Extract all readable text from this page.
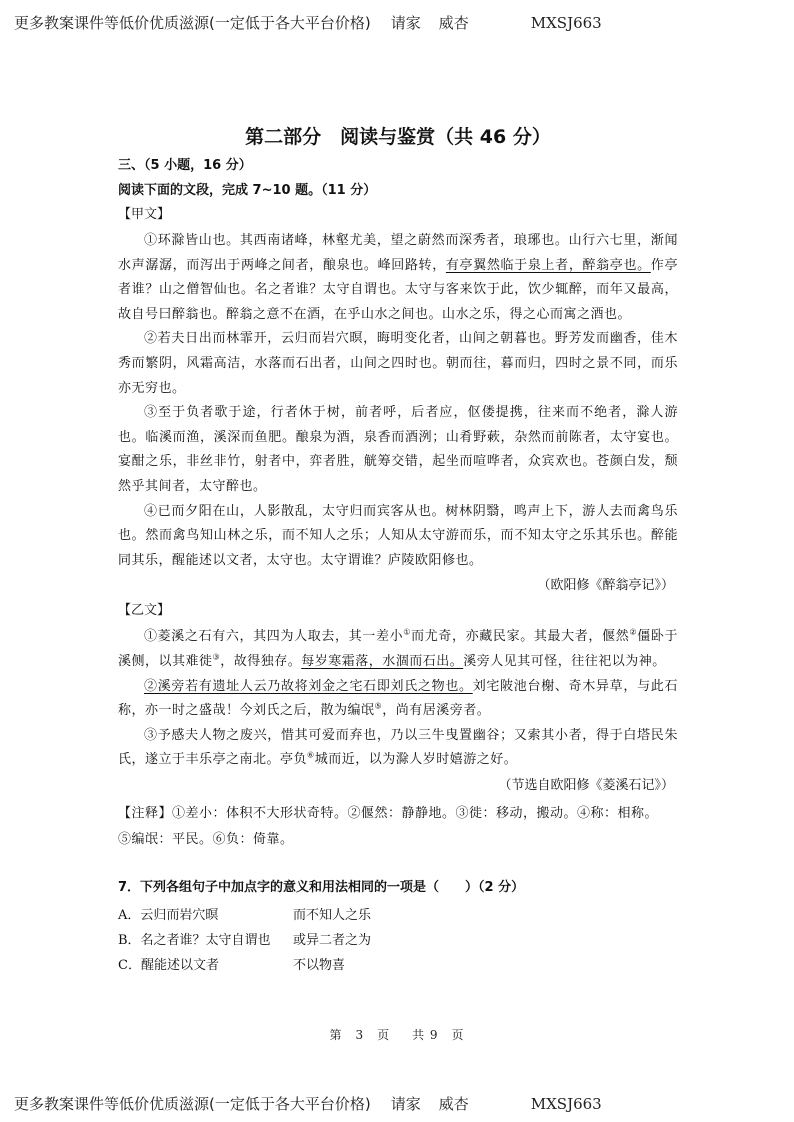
更多教案课件等低价优质滋源(一定低于各大平台价格) 请家 威杏	MXSJ663
第二部分　阅读与鉴赏（共 46 分）
三、（5 小题，16 分）
阅读下面的文段，完成 7~10 题。（11 分）
【甲文】

①环滁皆山也。其西南诸峰，林壑尤美，望之蔚然而深秀者，琅琊也。山行六七里，渐闻水声潺潺，而泻出于两峰之间者，酿泉也。峰回路转，有亭翼然临于泉上者，醉翁亭也。作亭者谁？山之僧智仙也。名之者谁？太守自谓也。太守与客来饮于此，饮少辄醉，而年又最高，故自号曰醉翁也。醉翁之意不在酒，在乎山水之间也。山水之乐，得之心而寓之酒也。

②若夫日出而林霏开，云归而岩穴暝，晦明变化者，山间之朝暮也。野芳发而幽香，佳木秀而繁阴，风霜高洁，水落而石出者，山间之四时也。朝而往，暮而归，四时之景不同，而乐亦无穷也。

③至于负者歌于途，行者休于树，前者呼，后者应，伛偻提携，往来而不绝者，滁人游也。临溪而渔，溪深而鱼肥。酿泉为酒，泉香而酒洌；山肴野蔌，杂然而前陈者，太守宴也。宴酣之乐，非丝非竹，射者中，弈者胜，觥筹交错，起坐而喧哗者，众宾欢也。苍颜白发，颓然乎其间者，太守醉也。

④已而夕阳在山，人影散乱，太守归而宾客从也。树林阴翳，鸣声上下，游人去而禽鸟乐也。然而禽鸟知山林之乐，而不知人之乐；人知从太守游而乐，而不知太守之乐其乐也。醉能同其乐，醒能述以文者，太守也。太守谓谁？庐陵欧阳修也。

（欧阳修《醉翁亭记》）
【乙文】

①菱溪之石有六，其四为人取去，其一差小①而尤奇，亦藏民家。其最大者，偃然②僵卧于溪侧，以其难徙③，故得独存。每岁寒霜落，水涸而石出。溪旁人见其可怪，往往祀以为神。

②溪旁若有遗址人云乃故将刘金之宅石即刘氏之物也。刘宅陂池台榭、奇木异草，与此石称，亦一时之盛哉！今刘氏之后，散为编氓⑤，尚有居溪旁者。

③予感夫人物之废兴，惜其可爱而弃也，乃以三牛曳置幽谷；又索其小者，得于白塔民朱氏，遂立于丰乐亭之南北。亭负⑥城而近，以为滁人岁时嬉游之好。

（节选自欧阳修《菱溪石记》）

【注释】①差小：体积不大形状奇特。②偃然：静静地。③徙：移动，搬动。④称：相称。

⑤编氓：平民。⑥负：倚靠。

7．下列各组句子中加点字的意义和用法相同的一项是（　　）（2 分）
A．云归而岩穴暝	而不知人之乐
B．名之者谁？太守自谓也	或异二者之为
C．醒能述以文者	不以物喜
第　3　页 共 9　页
更多教案课件等低价优质滋源(一定低于各大平台价格) 请家 威杏	MXSJ663
